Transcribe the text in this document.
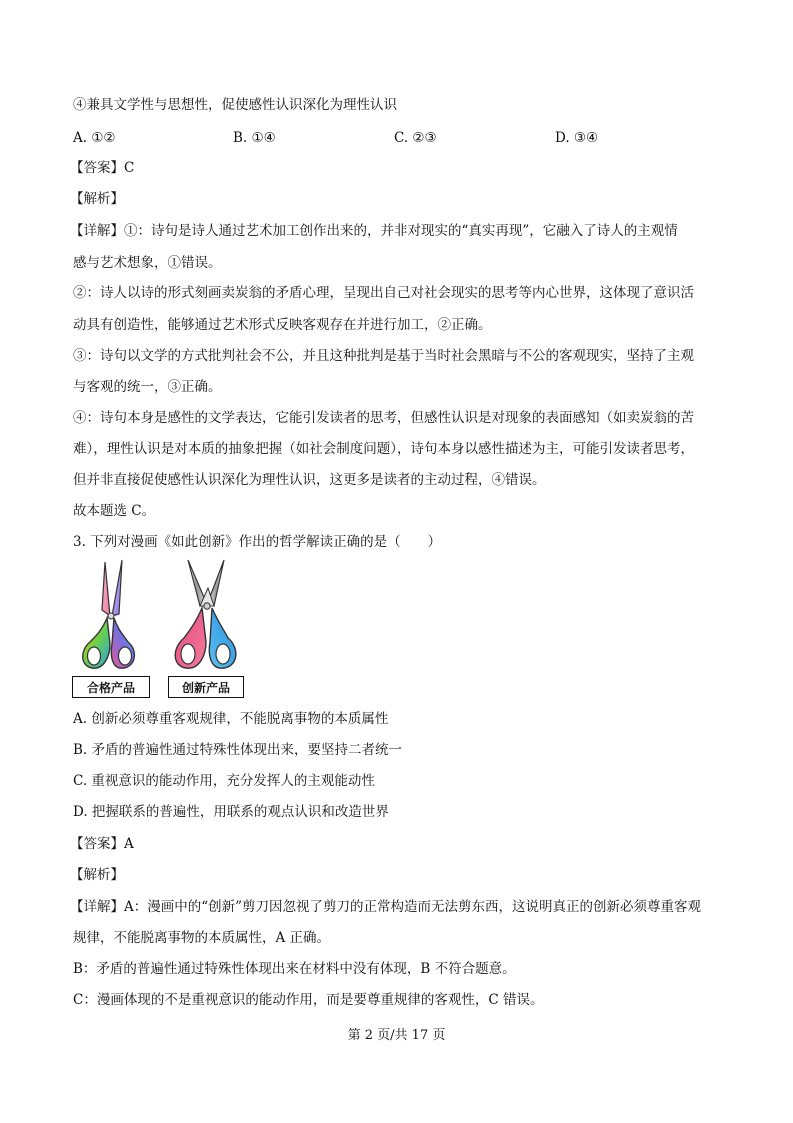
④兼具文学性与思想性，促使感性认识深化为理性认识
A. ①②	B. ①④	C. ②③	D. ③④
【答案】C
【解析】
【详解】①：诗句是诗人通过艺术加工创作出来的，并非对现实的“真实再现”，它融入了诗人的主观情
感与艺术想象，①错误。
②：诗人以诗的形式刻画卖炭翁的矛盾心理，呈现出自己对社会现实的思考等内心世界，这体现了意识活
动具有创造性，能够通过艺术形式反映客观存在并进行加工，②正确。
③：诗句以文学的方式批判社会不公，并且这种批判是基于当时社会黑暗与不公的客观现实，坚持了主观
与客观的统一，③正确。
④：诗句本身是感性的文学表达，它能引发读者的思考，但感性认识是对现象的表面感知（如卖炭翁的苦
难），理性认识是对本质的抽象把握（如社会制度问题），诗句本身以感性描述为主，可能引发读者思考，
但并非直接促使感性认识深化为理性认识，这更多是读者的主动过程，④错误。
故本题选 C。
3. 下列对漫画《如此创新》作出的哲学解读正确的是（　　）
合格产品	创新产品
A. 创新必须尊重客观规律，不能脱离事物的本质属性
B. 矛盾的普遍性通过特殊性体现出来，要坚持二者统一
C. 重视意识的能动作用，充分发挥人的主观能动性
D. 把握联系的普遍性，用联系的观点认识和改造世界
【答案】A
【解析】
【详解】A：漫画中的“创新”剪刀因忽视了剪刀的正常构造而无法剪东西，这说明真正的创新必须尊重客观
规律，不能脱离事物的本质属性，A 正确。
B：矛盾的普遍性通过特殊性体现出来在材料中没有体现，B 不符合题意。
C：漫画体现的不是重视意识的能动作用，而是要尊重规律的客观性，C 错误。
第 2 页/共 17 页
